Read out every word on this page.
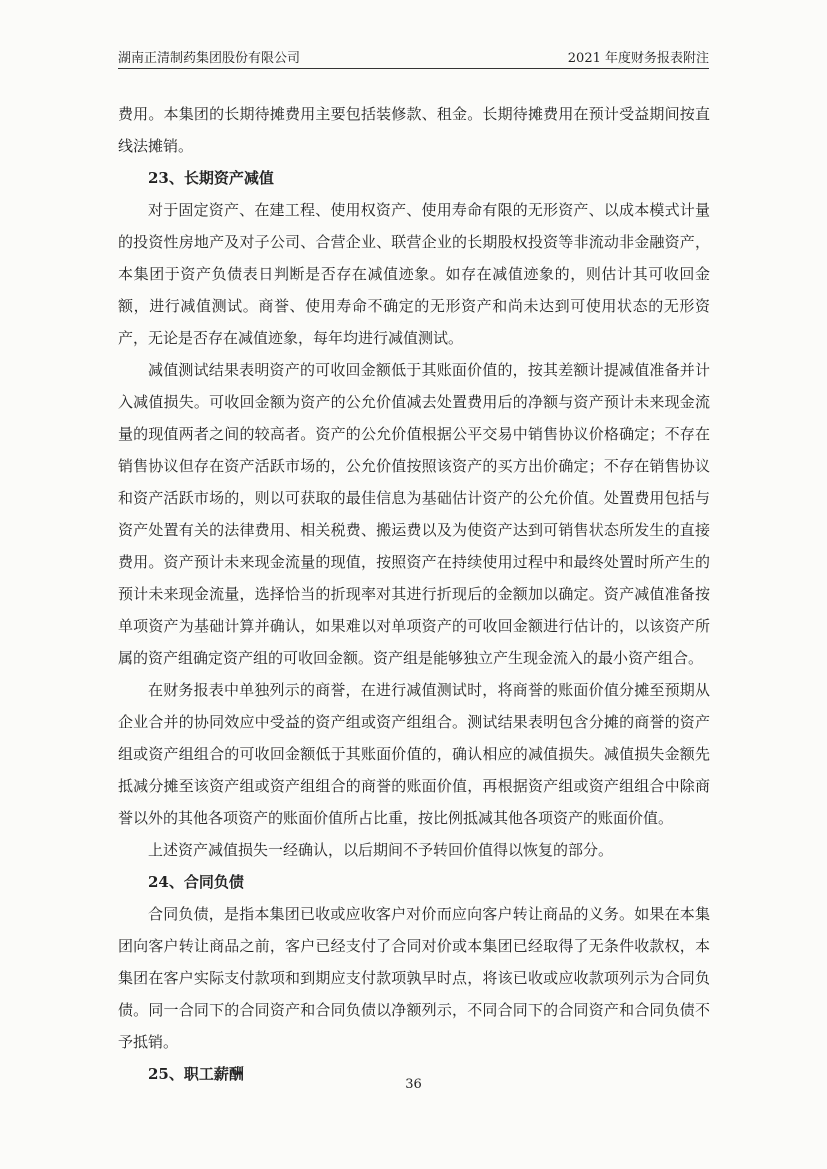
湖南正清制药集团股份有限公司	2021 年度财务报表附注

费用。本集团的长期待摊费用主要包括装修款、租金。长期待摊费用在预计受益期间按直线法摊销。

23、长期资产减值

对于固定资产、在建工程、使用权资产、使用寿命有限的无形资产、以成本模式计量的投资性房地产及对子公司、合营企业、联营企业的长期股权投资等非流动非金融资产，本集团于资产负债表日判断是否存在减值迹象。如存在减值迹象的，则估计其可收回金额，进行减值测试。商誉、使用寿命不确定的无形资产和尚未达到可使用状态的无形资产，无论是否存在减值迹象，每年均进行减值测试。

减值测试结果表明资产的可收回金额低于其账面价值的，按其差额计提减值准备并计入减值损失。可收回金额为资产的公允价值减去处置费用后的净额与资产预计未来现金流量的现值两者之间的较高者。资产的公允价值根据公平交易中销售协议价格确定；不存在销售协议但存在资产活跃市场的，公允价值按照该资产的买方出价确定；不存在销售协议和资产活跃市场的，则以可获取的最佳信息为基础估计资产的公允价值。处置费用包括与资产处置有关的法律费用、相关税费、搬运费以及为使资产达到可销售状态所发生的直接费用。资产预计未来现金流量的现值，按照资产在持续使用过程中和最终处置时所产生的预计未来现金流量，选择恰当的折现率对其进行折现后的金额加以确定。资产减值准备按单项资产为基础计算并确认，如果难以对单项资产的可收回金额进行估计的，以该资产所属的资产组确定资产组的可收回金额。资产组是能够独立产生现金流入的最小资产组合。

在财务报表中单独列示的商誉，在进行减值测试时，将商誉的账面价值分摊至预期从企业合并的协同效应中受益的资产组或资产组组合。测试结果表明包含分摊的商誉的资产组或资产组组合的可收回金额低于其账面价值的，确认相应的减值损失。减值损失金额先抵减分摊至该资产组或资产组组合的商誉的账面价值，再根据资产组或资产组组合中除商誉以外的其他各项资产的账面价值所占比重，按比例抵减其他各项资产的账面价值。

上述资产减值损失一经确认，以后期间不予转回价值得以恢复的部分。

24、合同负债

合同负债，是指本集团已收或应收客户对价而应向客户转让商品的义务。如果在本集团向客户转让商品之前，客户已经支付了合同对价或本集团已经取得了无条件收款权，本集团在客户实际支付款项和到期应支付款项孰早时点，将该已收或应收款项列示为合同负债。同一合同下的合同资产和合同负债以净额列示，不同合同下的合同资产和合同负债不予抵销。

25、职工薪酬

36
